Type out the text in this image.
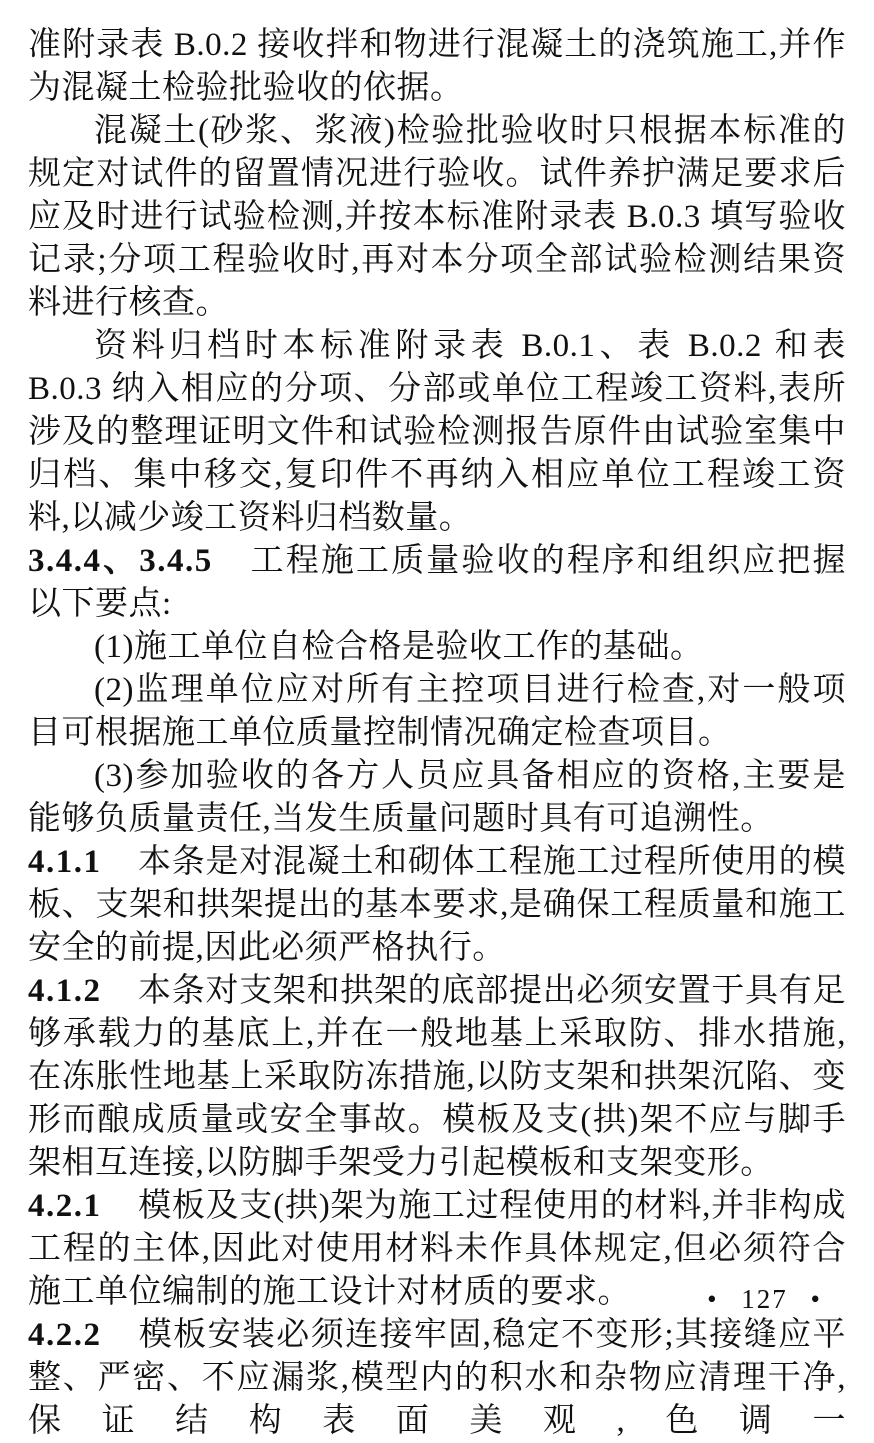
准附录表 B.0.2 接收拌和物进行混凝土的浇筑施工,并作为混凝土检验批验收的依据。

混凝土(砂浆、浆液)检验批验收时只根据本标准的规定对试件的留置情况进行验收。试件养护满足要求后应及时进行试验检测,并按本标准附录表 B.0.3 填写验收记录;分项工程验收时,再对本分项全部试验检测结果资料进行核查。

资料归档时本标准附录表 B.0.1、表 B.0.2 和表 B.0.3 纳入相应的分项、分部或单位工程竣工资料,表所涉及的整理证明文件和试验检测报告原件由试验室集中归档、集中移交,复印件不再纳入相应单位工程竣工资料,以减少竣工资料归档数量。

3.4.4、3.4.5 工程施工质量验收的程序和组织应把握以下要点:

(1)施工单位自检合格是验收工作的基础。

(2)监理单位应对所有主控项目进行检查,对一般项目可根据施工单位质量控制情况确定检查项目。

(3)参加验收的各方人员应具备相应的资格,主要是能够负质量责任,当发生质量问题时具有可追溯性。

4.1.1 本条是对混凝土和砌体工程施工过程所使用的模板、支架和拱架提出的基本要求,是确保工程质量和施工安全的前提,因此必须严格执行。

4.1.2 本条对支架和拱架的底部提出必须安置于具有足够承载力的基底上,并在一般地基上采取防、排水措施,在冻胀性地基上采取防冻措施,以防支架和拱架沉陷、变形而酿成质量或安全事故。模板及支(拱)架不应与脚手架相互连接,以防脚手架受力引起模板和支架变形。

4.2.1 模板及支(拱)架为施工过程使用的材料,并非构成工程的主体,因此对使用材料未作具体规定,但必须符合施工单位编制的施工设计对材质的要求。

4.2.2 模板安装必须连接牢固,稳定不变形;其接缝应平整、严密、不应漏浆,模型内的积水和杂物应清理干净,保证结构表面美观,色调一

• 127 •
